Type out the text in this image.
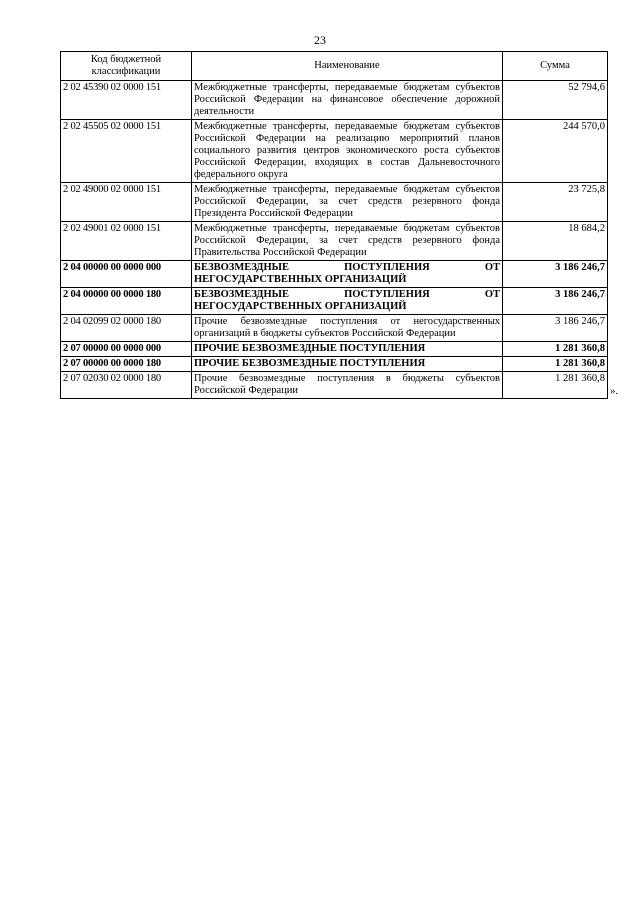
23
Код бюджетной классификации	Наименование	Сумма
2 02 45390 02 0000 151	Межбюджетные трансферты, передаваемые бюджетам субъектов Российской Федерации на финансовое обеспечение дорожной деятельности	52 794,6
2 02 45505 02 0000 151	Межбюджетные трансферты, передаваемые бюджетам субъектов Российской Федерации на реализацию мероприятий планов социального развития центров экономического роста субъектов Российской Федерации, входящих в состав Дальневосточного федерального округа	244 570,0
2 02 49000 02 0000 151	Межбюджетные трансферты, передаваемые бюджетам субъектов Российской Федерации, за счет средств резервного фонда Президента Российской Федерации	23 725,8
2 02 49001 02 0000 151	Межбюджетные трансферты, передаваемые бюджетам субъектов Российской Федерации, за счет средств резервного фонда Правительства Российской Федерации	18 684,2
2 04 00000 00 0000 000	БЕЗВОЗМЕЗДНЫЕ ПОСТУПЛЕНИЯ ОТ НЕГОСУДАРСТВЕННЫХ ОРГАНИЗАЦИЙ	3 186 246,7
2 04 00000 00 0000 180	БЕЗВОЗМЕЗДНЫЕ ПОСТУПЛЕНИЯ ОТ НЕГОСУДАРСТВЕННЫХ ОРГАНИЗАЦИЙ	3 186 246,7
2 04 02099 02 0000 180	Прочие безвозмездные поступления от негосударственных организаций в бюджеты субъектов Российской Федерации	3 186 246,7
2 07 00000 00 0000 000	ПРОЧИЕ БЕЗВОЗМЕЗДНЫЕ ПОСТУПЛЕНИЯ	1 281 360,8
2 07 00000 00 0000 180	ПРОЧИЕ БЕЗВОЗМЕЗДНЫЕ ПОСТУПЛЕНИЯ	1 281 360,8
2 07 02030 02 0000 180	Прочие безвозмездные поступления в бюджеты субъектов Российской Федерации	1 281 360,8
».
